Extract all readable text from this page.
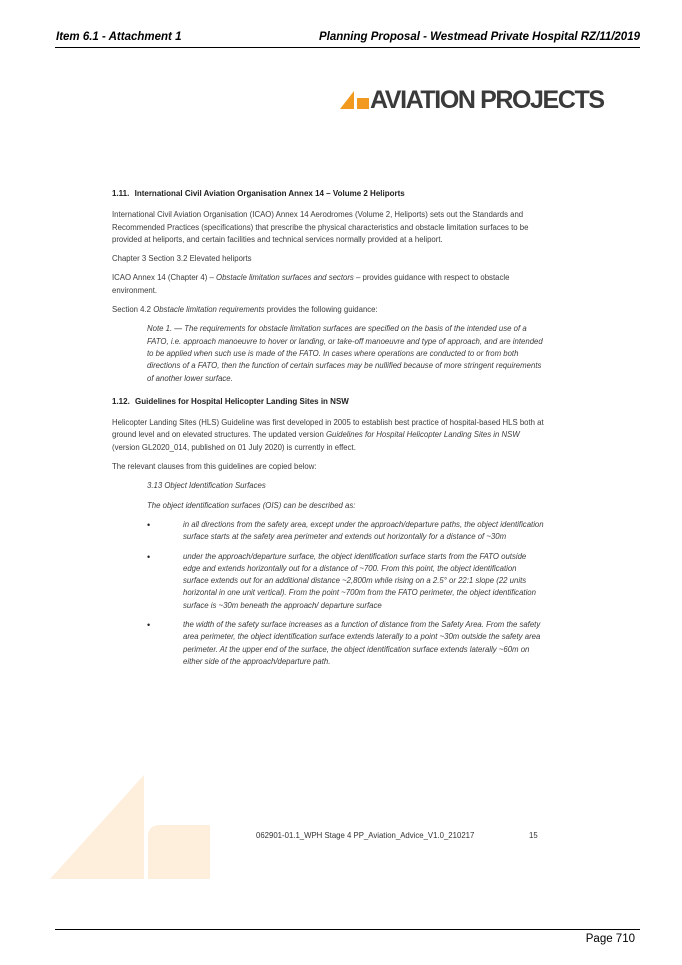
Item 6.1 - Attachment 1	Planning Proposal - Westmead Private Hospital RZ/11/2019
AVIATION PROJECTS
1.11. International Civil Aviation Organisation Annex 14 – Volume 2 Heliports

International Civil Aviation Organisation (ICAO) Annex 14 Aerodromes (Volume 2, Heliports) sets out the Standards and Recommended Practices (specifications) that prescribe the physical characteristics and obstacle limitation surfaces to be provided at heliports, and certain facilities and technical services normally provided at a heliport.

Chapter 3 Section 3.2 Elevated heliports

ICAO Annex 14 (Chapter 4) – Obstacle limitation surfaces and sectors – provides guidance with respect to obstacle environment.

Section 4.2 Obstacle limitation requirements provides the following guidance:

Note 1. — The requirements for obstacle limitation surfaces are specified on the basis of the intended use of a FATO, i.e. approach manoeuvre to hover or landing, or take-off manoeuvre and type of approach, and are intended to be applied when such use is made of the FATO. In cases where operations are conducted to or from both directions of a FATO, then the function of certain surfaces may be nullified because of more stringent requirements of another lower surface.

1.12. Guidelines for Hospital Helicopter Landing Sites in NSW

Helicopter Landing Sites (HLS) Guideline was first developed in 2005 to establish best practice of hospital-based HLS both at ground level and on elevated structures. The updated version Guidelines for Hospital Helicopter Landing Sites in NSW (version GL2020_014, published on 01 July 2020) is currently in effect.

The relevant clauses from this guidelines are copied below:

3.13 Object Identification Surfaces

The object identification surfaces (OIS) can be described as:

• in all directions from the safety area, except under the approach/departure paths, the object identification surface starts at the safety area perimeter and extends out horizontally for a distance of ~30m
• under the approach/departure surface, the object identification surface starts from the FATO outside edge and extends horizontally out for a distance of ~700. From this point, the object identification surface extends out for an additional distance ~2,800m while rising on a 2.5° or 22:1 slope (22 units horizontal in one unit vertical). From the point ~700m from the FATO perimeter, the object identification surface is ~30m beneath the approach/ departure surface
• the width of the safety surface increases as a function of distance from the Safety Area. From the safety area perimeter, the object identification surface extends laterally to a point ~30m outside the safety area perimeter. At the upper end of the surface, the object identification surface extends laterally ~60m on either side of the approach/departure path.
062901-01.1_WPH Stage 4 PP_Aviation_Advice_V1.0_210217	15
Page 710
